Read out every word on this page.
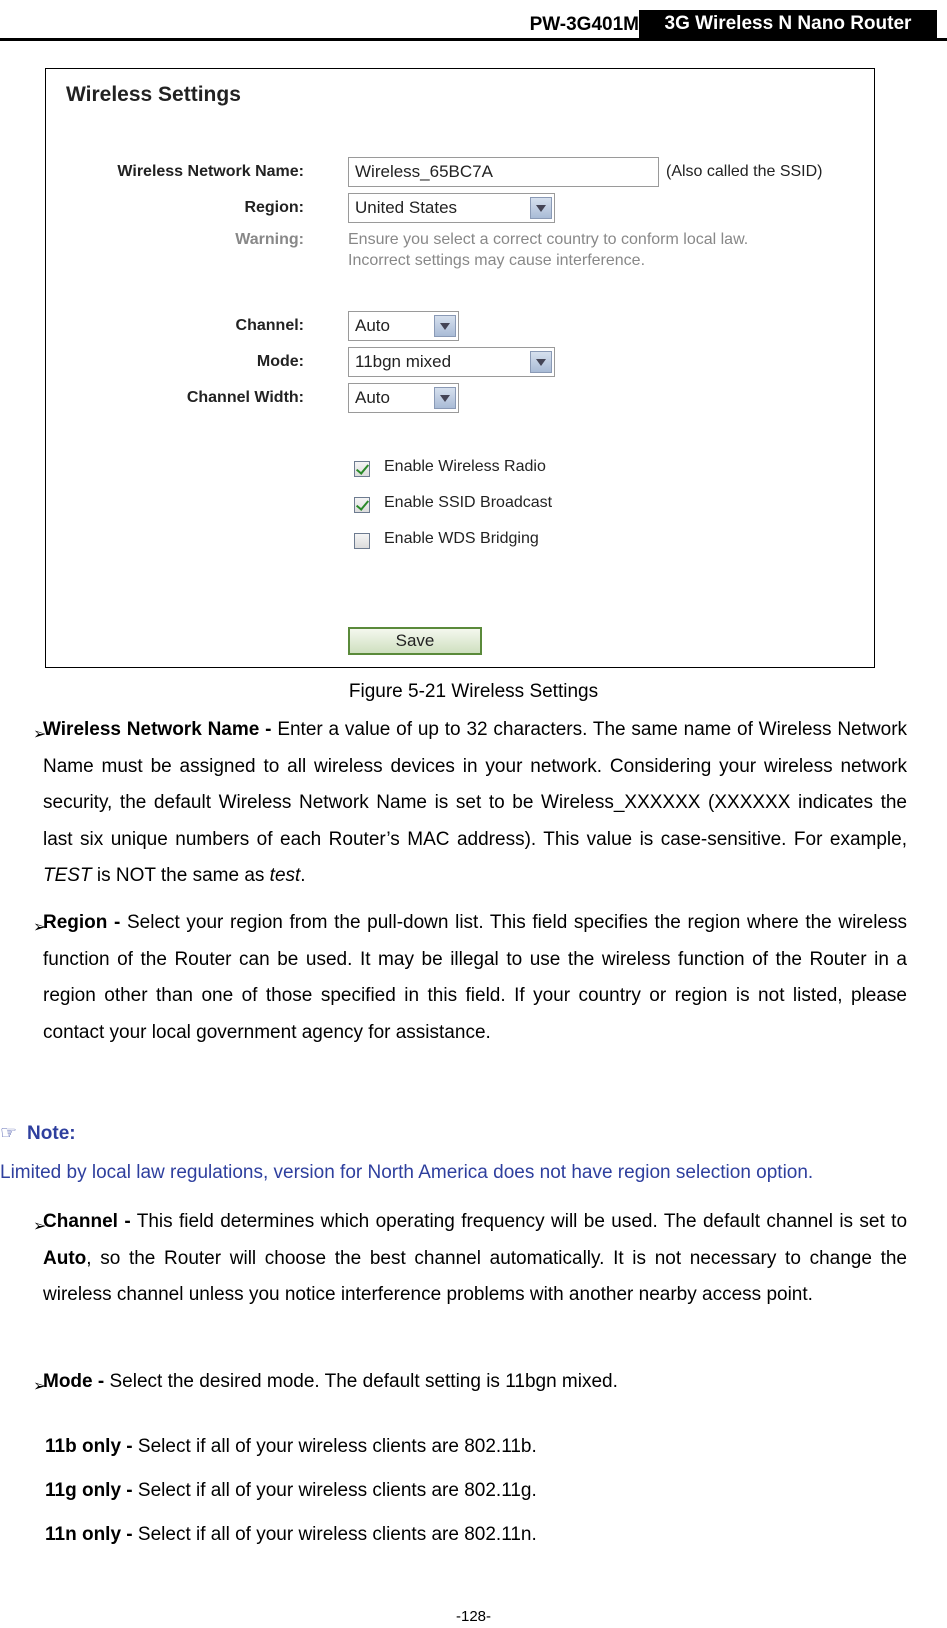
PW-3G401M	3G Wireless N Nano Router
Wireless Settings
Wireless Network Name:	Wireless_65BC7A	(Also called the SSID)
Region:	United States
Warning:	Ensure you select a correct country to conform local law.
Incorrect settings may cause interference.
Channel:	Auto
Mode:	11bgn mixed
Channel Width:	Auto
Enable Wireless Radio
Enable SSID Broadcast
Enable WDS Bridging
Save
Figure 5-21 Wireless Settings
➢
Wireless Network Name - Enter a value of up to 32 characters. The same name of Wireless Network Name must be assigned to all wireless devices in your network. Considering your wireless network security, the default Wireless Network Name is set to be Wireless_XXXXXX (XXXXXX indicates the last six unique numbers of each Router’s MAC address). This value is case-sensitive. For example, TEST is NOT the same as test.
➢
Region - Select your region from the pull-down list. This field specifies the region where the wireless function of the Router can be used. It may be illegal to use the wireless function of the Router in a region other than one of those specified in this field. If your country or region is not listed, please contact your local government agency for assistance.
☞ Note:
Limited by local law regulations, version for North America does not have region selection option.
➢
Channel - This field determines which operating frequency will be used. The default channel is set to Auto, so the Router will choose the best channel automatically. It is not necessary to change the wireless channel unless you notice interference problems with another nearby access point.
➢
Mode - Select the desired mode. The default setting is 11bgn mixed.
11b only - Select if all of your wireless clients are 802.11b.
11g only - Select if all of your wireless clients are 802.11g.
11n only - Select if all of your wireless clients are 802.11n.
-128-
